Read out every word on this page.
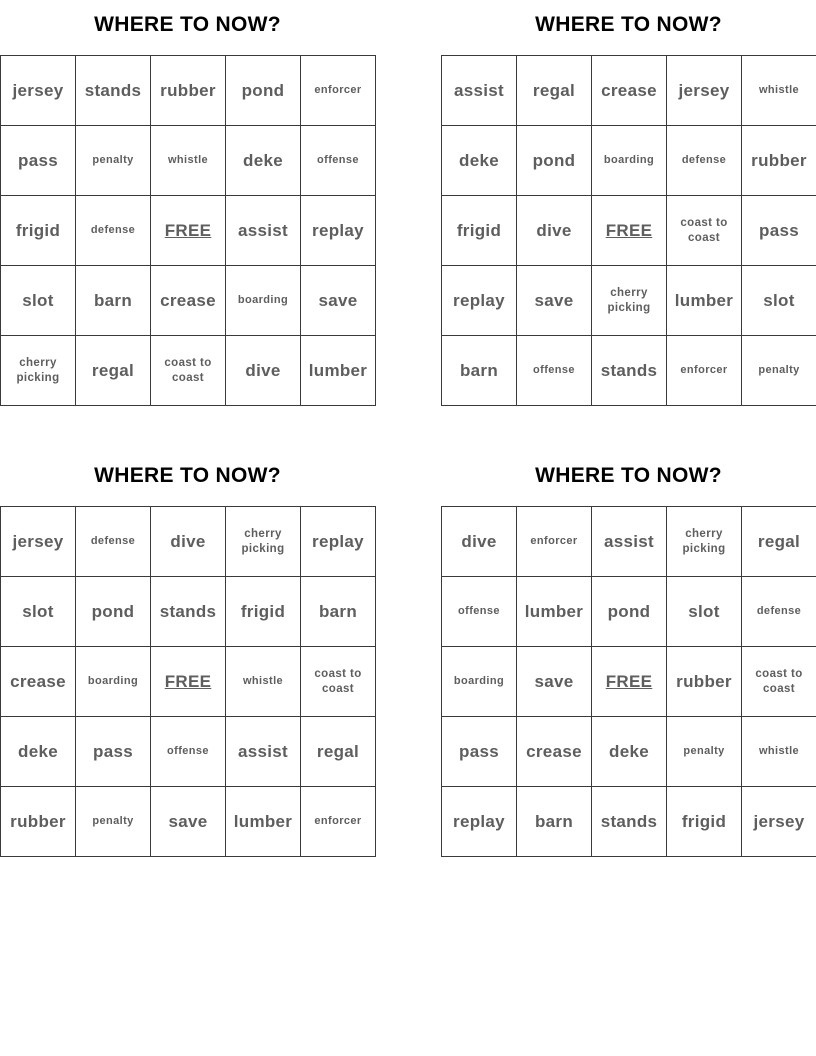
WHERE TO NOW?
jersey	stands	rubber	pond	enforcer
pass	penalty	whistle	deke	offense
frigid	defense	FREE	assist	replay
slot	barn	crease	boarding	save
cherry picking	regal	coast to coast	dive	lumber
WHERE TO NOW?
assist	regal	crease	jersey	whistle
deke	pond	boarding	defense	rubber
frigid	dive	FREE	coast to coast	pass
replay	save	cherry picking	lumber	slot
barn	offense	stands	enforcer	penalty
WHERE TO NOW?
jersey	defense	dive	cherry picking	replay
slot	pond	stands	frigid	barn
crease	boarding	FREE	whistle	coast to coast
deke	pass	offense	assist	regal
rubber	penalty	save	lumber	enforcer
WHERE TO NOW?
dive	enforcer	assist	cherry picking	regal
offense	lumber	pond	slot	defense
boarding	save	FREE	rubber	coast to coast
pass	crease	deke	penalty	whistle
replay	barn	stands	frigid	jersey
